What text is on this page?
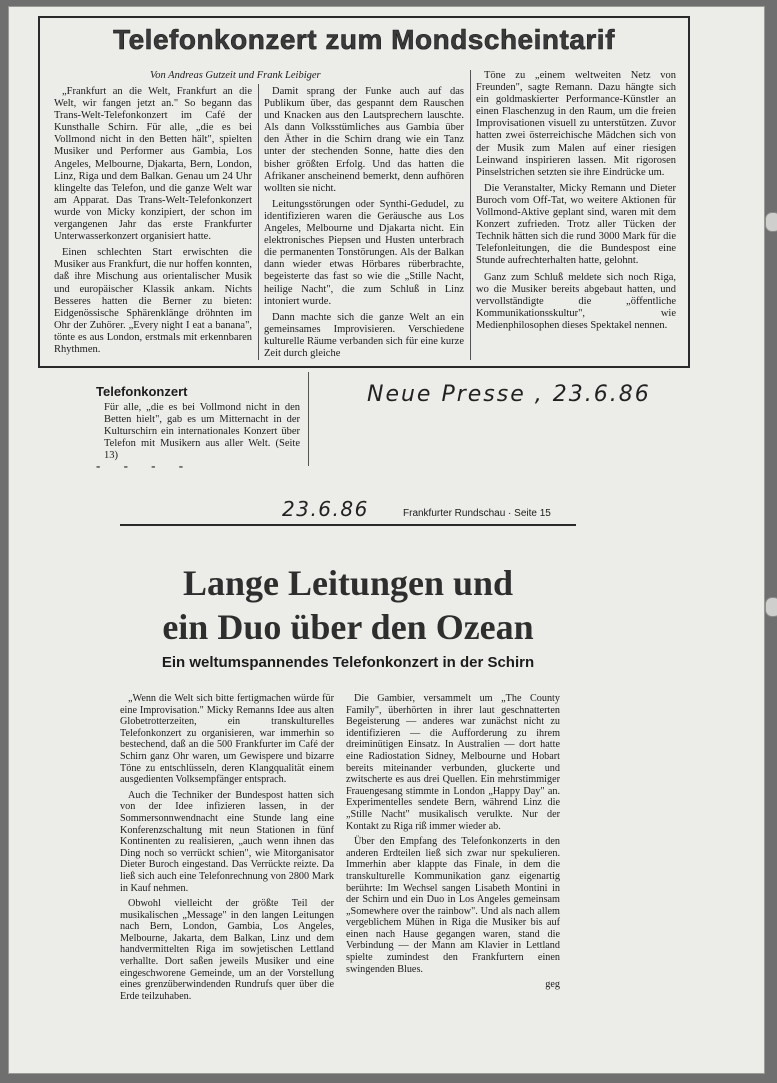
Telefonkonzert zum Mondscheintarif
Von Andreas Gutzeit und Frank Leibiger

„Frankfurt an die Welt, Frankfurt an die Welt, wir fangen jetzt an." So begann das Trans-Welt-Telefonkonzert im Café der Kunsthalle Schirn. Für alle, „die es bei Vollmond nicht in den Betten hält", spielten Musiker und Performer aus Gambia, Los Angeles, Melbourne, Djakarta, Bern, London, Linz, Riga und dem Balkan. Genau um 24 Uhr klingelte das Telefon, und die ganze Welt war am Apparat. Das Trans-Welt-Telefonkonzert wurde von Micky konzipiert, der schon im vergangenen Jahr das erste Frankfurter Unterwasserkonzert organisiert hatte.

Einen schlechten Start erwischten die Musiker aus Frankfurt, die nur hoffen konnten, daß ihre Mischung aus orientalischer Musik und europäischer Klassik ankam. Nichts Besseres hatten die Berner zu bieten: Eidgenössische Sphärenklänge dröhnten im Ohr der Zuhörer. „Every night I eat a banana", tönte es aus London, erstmals mit erkennbaren Rhythmen.

Damit sprang der Funke auch auf das Publikum über, das gespannt dem Rauschen und Knacken aus den Lautsprechern lauschte. Als dann Volksstümliches aus Gambia über den Äther in die Schirn drang wie ein Tanz unter der stechenden Sonne, hatte dies den bisher größten Erfolg. Und das hatten die Afrikaner anscheinend bemerkt, denn aufhören wollten sie nicht.

Leitungsstörungen oder Synthi-Gedudel, zu identifizieren waren die Geräusche aus Los Angeles, Melbourne und Djakarta nicht. Ein elektronisches Piepsen und Husten unterbrach die permanenten Tonstörungen. Als der Balkan dann wieder etwas Hörbares rüberbrachte, begeisterte das fast so wie die „Stille Nacht, heilige Nacht", die zum Schluß in Linz intoniert wurde.

Dann machte sich die ganze Welt an ein gemeinsames Improvisieren. Verschiedene kulturelle Räume verbanden sich für eine kurze Zeit durch gleiche

Töne zu „einem weltweiten Netz von Freunden", sagte Remann. Dazu hängte sich ein goldmaskierter Performance-Künstler an einen Flaschenzug in den Raum, um die freien Improvisationen visuell zu unterstützen. Zuvor hatten zwei österreichische Mädchen sich von der Musik zum Malen auf einer riesigen Leinwand inspirieren lassen. Mit rigorosen Pinselstrichen setzten sie ihre Eindrücke um.

Die Veranstalter, Micky Remann und Dieter Buroch vom Off-Tat, wo weitere Aktionen für Vollmond-Aktive geplant sind, waren mit dem Konzert zufrieden. Trotz aller Tücken der Technik hätten sich die rund 3000 Mark für die Telefonleitungen, die die Bundespost eine Stunde aufrechterhalten hatte, gelohnt.

Ganz zum Schluß meldete sich noch Riga, wo die Musiker bereits abgebaut hatten, und vervollständigte die „öffentliche Kommunikationsskultur", wie Medienphilosophen dieses Spektakel nennen.

Telefonkonzert
Für alle, „die es bei Vollmond nicht in den Betten hielt", gab es um Mitternacht in der Kulturschirn ein internationales Konzert über Telefon mit Musikern aus aller Welt. (Seite 13)
- - - -
Neue Presse , 23.6.86
23.6.86	Frankfurter Rundschau · Seite 15
Lange Leitungen und
ein Duo über den Ozean
Ein weltumspannendes Telefonkonzert in der Schirn

„Wenn die Welt sich bitte fertigmachen würde für eine Improvisation." Micky Remanns Idee aus alten Globetrotterzeiten, ein transkulturelles Telefonkonzert zu organisieren, war immerhin so bestechend, daß an die 500 Frankfurter im Café der Schirn ganz Ohr waren, um Gewispere und bizarre Töne zu entschlüsseln, deren Klangqualität einem ausgedienten Volksempfänger entsprach.

Auch die Techniker der Bundespost hatten sich von der Idee infizieren lassen, in der Sommersonnwendnacht eine Stunde lang eine Konferenzschaltung mit neun Stationen in fünf Kontinenten zu realisieren, „auch wenn ihnen das Ding noch so verrückt schien", wie Mitorganisator Dieter Buroch eingestand. Das Verrückte reizte. Da ließ sich auch eine Telefonrechnung von 2800 Mark in Kauf nehmen.

Obwohl vielleicht der größte Teil der musikalischen „Message" in den langen Leitungen nach Bern, London, Gambia, Los Angeles, Melbourne, Jakarta, dem Balkan, Linz und dem handvermittelten Riga im sowjetischen Lettland verhallte. Dort saßen jeweils Musiker und eine eingeschworene Gemeinde, um an der Vorstellung eines grenzüberwindenden Rundrufs quer über die Erde teilzuhaben.

Die Gambier, versammelt um „The County Family", überhörten in ihrer laut geschnatterten Begeisterung — anderes war zunächst nicht zu identifizieren — die Aufforderung zu ihrem dreiminütigen Einsatz. In Australien — dort hatte eine Radiostation Sidney, Melbourne und Hobart bereits miteinander verbunden, gluckerte und zwitscherte es aus drei Quellen. Ein mehrstimmiger Frauengesang stimmte in London „Happy Day" an. Experimentelles sendete Bern, während Linz die „Stille Nacht" musikalisch verulkte. Nur der Kontakt zu Riga riß immer wieder ab.

Über den Empfang des Telefonkonzerts in den anderen Erdteilen ließ sich zwar nur spekulieren. Immerhin aber klappte das Finale, in dem die transkulturelle Kommunikation ganz eigenartig berührte: Im Wechsel sangen Lisabeth Montini in der Schirn und ein Duo in Los Angeles gemeinsam „Somewhere over the rainbow". Und als nach allem vergeblichem Mühen in Riga die Musiker bis auf einen nach Hause gegangen waren, stand die Verbindung — der Mann am Klavier in Lettland spielte zumindest den Frankfurtern einen swingenden Blues.

geg
